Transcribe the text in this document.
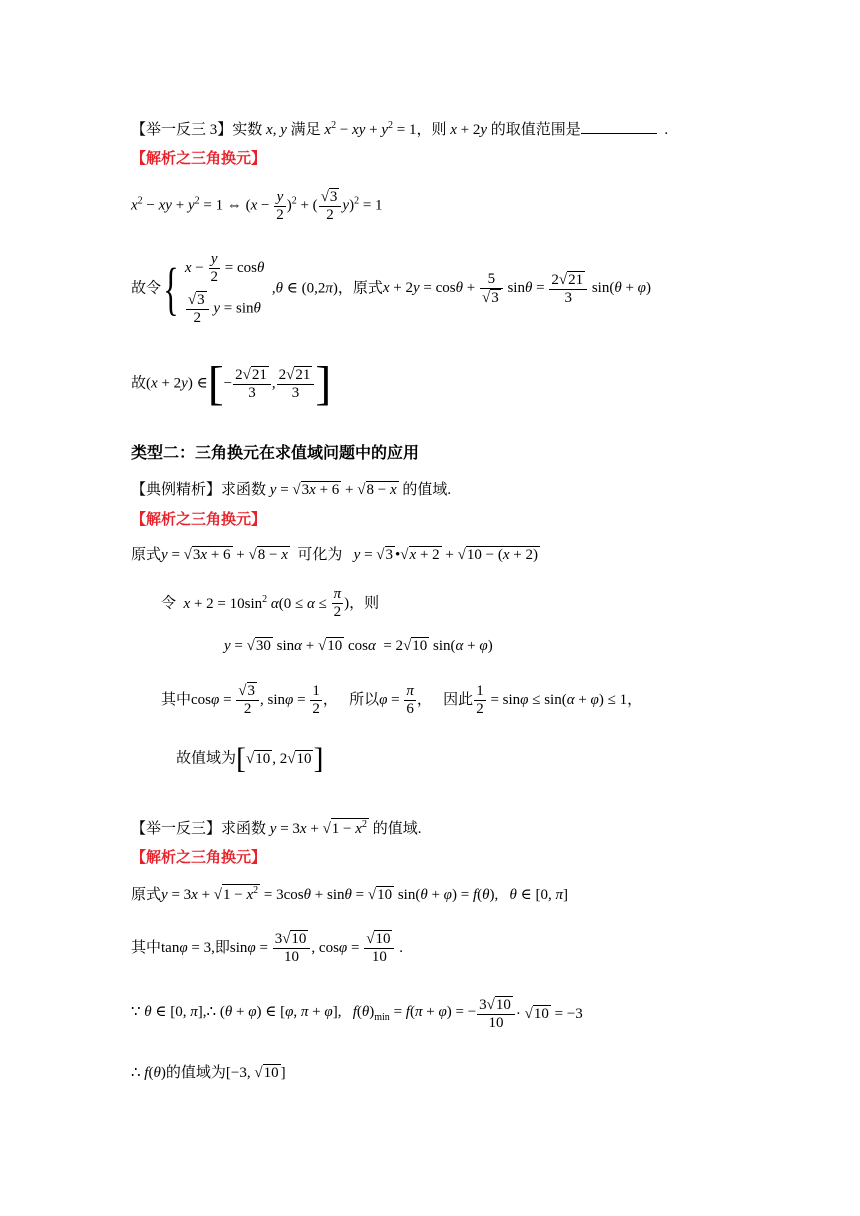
【举一反三 3】实数 x, y 满足 $x^2$ − xy + $y^2 = 1$，则 x + 2y 的取值范围是	.
【解析之三角换元】
$x^2$ − xy + $y^2 = 1$ ⇔ $(x - \frac{y}{2} )^2$ + ( $\frac{√3}{2} y)^2 = 1$
故令{ $x - \frac{y}{2} = \cos\theta$
$\frac{√3}{2}$ y = sinθ
,θ ∈ (0,2π)，原式$x + 2y = \cos\theta + \frac{5}{√3}$ $\sin\theta = \frac{2√21}{3} \sin(\theta + \varphi)$
故(x + 2y) ∈[− $\frac{2√21}{3}$ , $\frac{2√21}{3}$ ]
类型二：三角换元在求值域问题中的应用
【典例精析】求函数 y = √3x + 6 + √8 − x 的值域.
【解析之三角换元】
原式y = √3x + 6 + √8 − x 可化为 y = √3 •√x + 2 + √10 − (x + 2)
令 $x + 2 = 10\sin^2$ $\alpha(0 \le \alpha \le \frac{\pi}{2}$ )，则
y = √30 sinα + √10 cosα  = 2√10 sin(α + φ)
其中$\cos\varphi = \frac{√3}{2}$ , $\sin\varphi = \frac{1}{2}$ ，   所以$\varphi = \frac{\pi}{6}$ ，   因此 $\frac{1}{2} = \sin\varphi \le \sin(\alpha + \varphi) \le 1$，
故值域为[√10 , 2√10]
【举一反三】求函数 $y = 3x + √1 - x^2$ 的值域.
【解析之三角换元】
原式$y = 3x + √1 - x^2 = 3\cos\theta + \sin\theta = √10$ sin(θ + φ) = f(θ),   θ ∈ [0, π]
其中tanφ = 3,即$\sin\varphi = \frac{3√10}{10}$ , $\cos\varphi = \frac{√10}{10}$ .
∵ θ ∈ [0, π],∴ (θ + φ) ∈ [φ, π + φ],   $f(\theta)_{min} = f(\pi + \varphi)$ = − $\frac{3√10}{10} \cdot √10 = -3$
∴ f(θ)的值域为[−3, √10 ]
